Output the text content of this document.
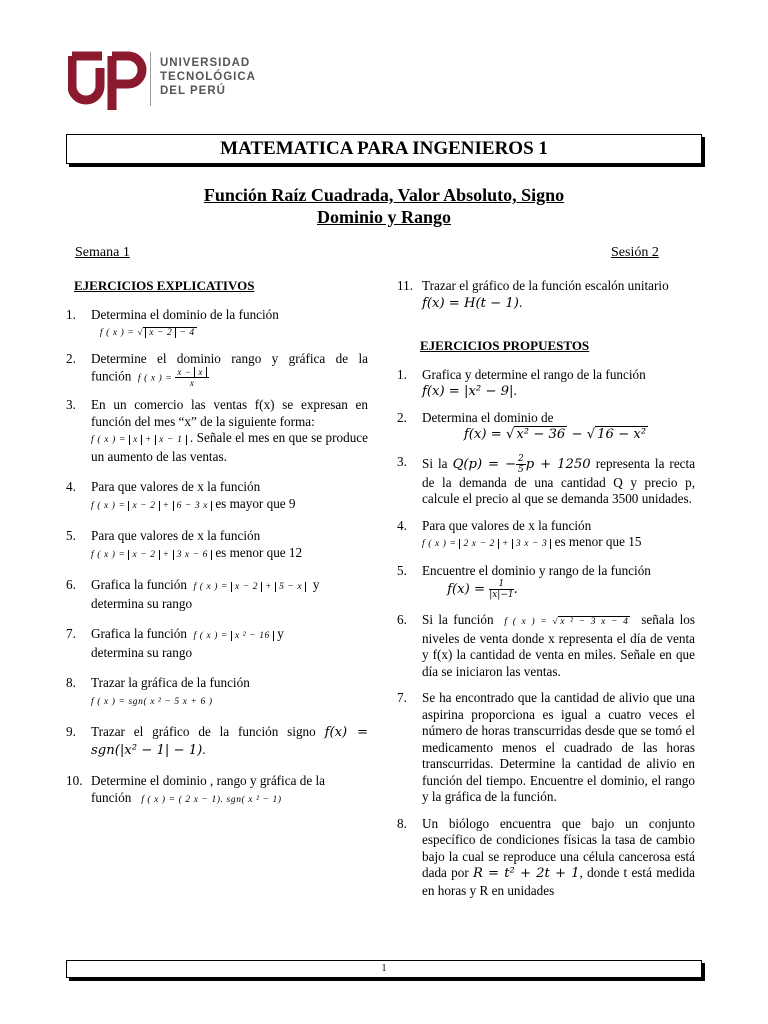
UNIVERSIDAD
TECNOLÓGICA
DEL PERÚ
MATEMATICA PARA INGENIEROS 1
Función Raíz Cuadrada, Valor Absoluto, Signo
Dominio y Rango
Semana 1	Sesión 2
EJERCICIOS EXPLICATIVOS
1.	Determina el dominio de la función
f ( x ) = √ x − 2 − 4
2.	Determine el dominio rango y gráfica de la función f ( x ) = $\frac{x - x}{x}$
3.	En un comercio las ventas f(x) se expresan en función del mes “x” de la siguiente forma:
f ( x ) = x + x − 1 . Señale el mes en que se produce un aumento de las ventas.
4.	Para que valores de x la función
f ( x ) = x − 2 + 6 − 3 x es mayor que 9
5.	Para que valores de x la función
f ( x ) = x − 2 + 3 x − 6 es menor que 12
6.	Grafica la función f ( x ) = x − 2 + 5 − x y
determina su rango
7.	Grafica la función f ( x ) = x ² − 16 y
determina su rango
8.	Trazar la gráfica de la función
f ( x ) = sgn( x ² − 5 x + 6 )
9.	Trazar el gráfico de la función signo f(x) = sgn(|x² − 1| − 1).
10. Determine el dominio , rango y gráfica de la
función f ( x ) = ( 2 x − 1). sgn( x ² − 1)
11. Trazar el gráfico de la función escalón unitario
f(x) = H(t − 1).
EJERCICIOS PROPUESTOS
1.	Grafica y determine el rango de la función
f(x) = |x² − 9|.
2.	Determina el dominio de
f(x) = √ x² − 36 − √ 16 − x²
3.	Si la Q(p) = − $\frac{2}{5}p + 1250$ representa la recta de la demanda de una cantidad Q y precio p, calcule el precio al que se demanda 3500 unidades.
4.	Para que valores de x la función
f ( x ) = 2 x − 2 + 3 x − 3 es menor que 15
5.	Encuentre el dominio y rango de la función
$f(x) = \frac{1}{|x|-1}$.
6.	Si la función f ( x ) = √ x ² − 3 x − 4 señala los niveles de venta donde x representa el día de venta y f(x) la cantidad de venta en miles. Señale en que día se iniciaron las ventas.
7.	Se ha encontrado que la cantidad de alivio que una aspirina proporciona es igual a cuatro veces el número de horas transcurridas desde que se tomó el medicamento menos el cuadrado de las horas transcurridas. Determine la cantidad de alivio en función del tiempo. Encuentre el dominio, el rango y la gráfica de la función.
8.	Un biólogo encuentra que bajo un conjunto específico de condiciones físicas la tasa de cambio bajo la cual se reproduce una célula cancerosa está dada por R = t² + 2t + 1, donde t está medida en horas y R en unidades
1
